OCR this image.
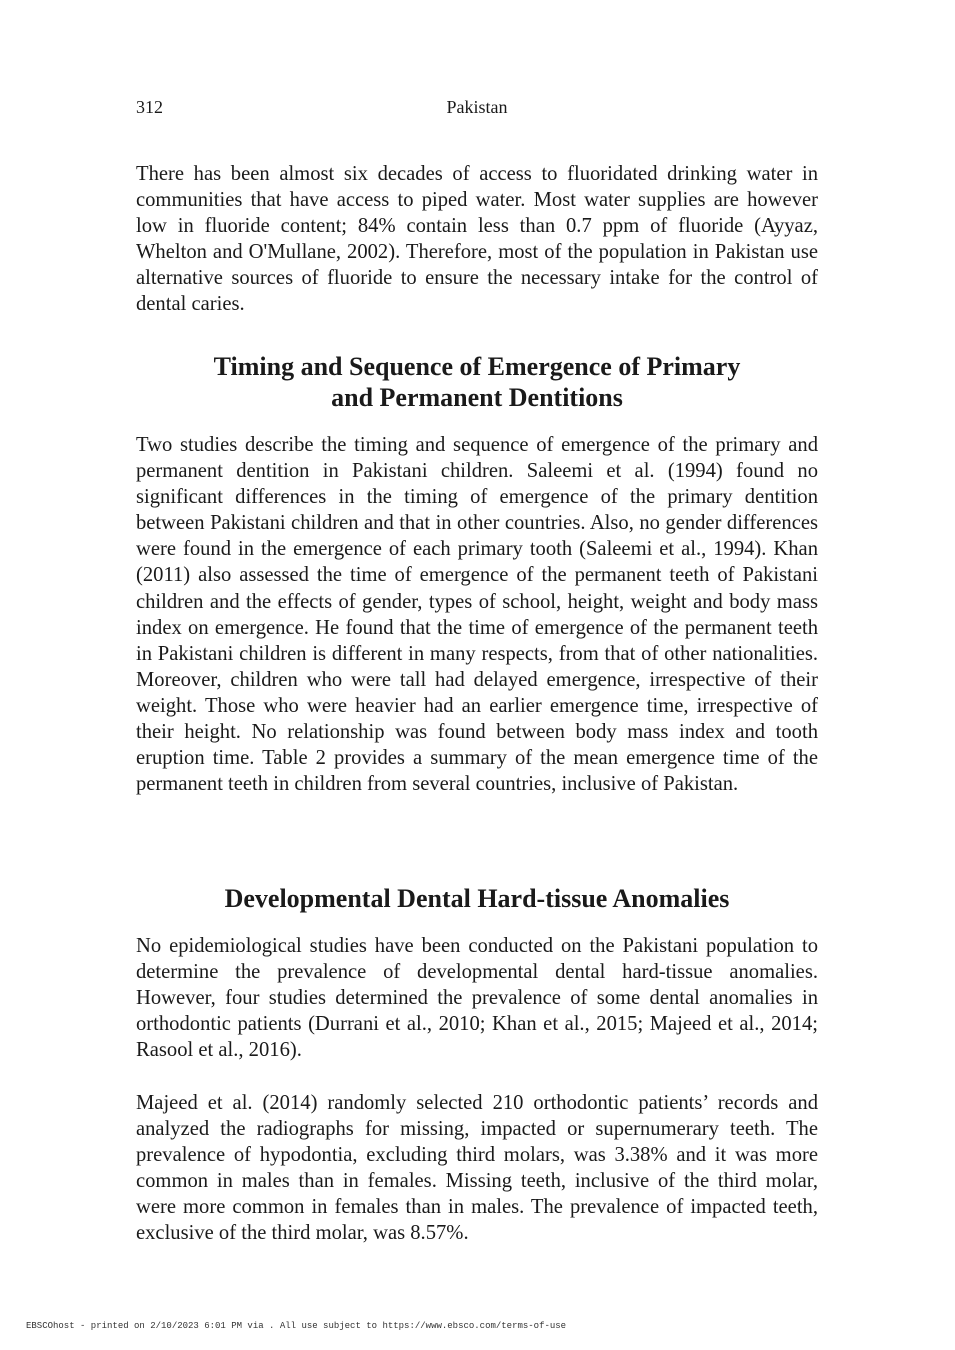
312	Pakistan

There has been almost six decades of access to fluoridated drinking water in communities that have access to piped water. Most water supplies are however low in fluoride content; 84% contain less than 0.7 ppm of fluoride (Ayyaz, Whelton and O'Mullane, 2002). Therefore, most of the population in Pakistan use alternative sources of fluoride to ensure the necessary intake for the control of dental caries.

Timing and Sequence of Emergence of Primary
and Permanent Dentitions

Two studies describe the timing and sequence of emergence of the primary and permanent dentition in Pakistani children. Saleemi et al. (1994) found no significant differences in the timing of emergence of the primary dentition between Pakistani children and that in other countries. Also, no gender differences were found in the emergence of each primary tooth (Saleemi et al., 1994). Khan (2011) also assessed the time of emergence of the permanent teeth of Pakistani children and the effects of gender, types of school, height, weight and body mass index on emergence. He found that the time of emergence of the permanent teeth in Pakistani children is different in many respects, from that of other nationalities. Moreover, children who were tall had delayed emergence, irrespective of their weight. Those who were heavier had an earlier emergence time, irrespective of their height. No relationship was found between body mass index and tooth eruption time. Table 2 provides a summary of the mean emergence time of the permanent teeth in children from several countries, inclusive of Pakistan.

Developmental Dental Hard-tissue Anomalies

No epidemiological studies have been conducted on the Pakistani population to determine the prevalence of developmental dental hard-tissue anomalies. However, four studies determined the prevalence of some dental anomalies in orthodontic patients (Durrani et al., 2010; Khan et al., 2015; Majeed et al., 2014; Rasool et al., 2016).

Majeed et al. (2014) randomly selected 210 orthodontic patients’ records and analyzed the radiographs for missing, impacted or supernumerary teeth. The prevalence of hypodontia, excluding third molars, was 3.38% and it was more common in males than in females. Missing teeth, inclusive of the third molar, were more common in females than in males. The prevalence of impacted teeth, exclusive of the third molar, was 8.57%.

EBSCOhost - printed on 2/10/2023 6:01 PM via . All use subject to https://www.ebsco.com/terms-of-use
